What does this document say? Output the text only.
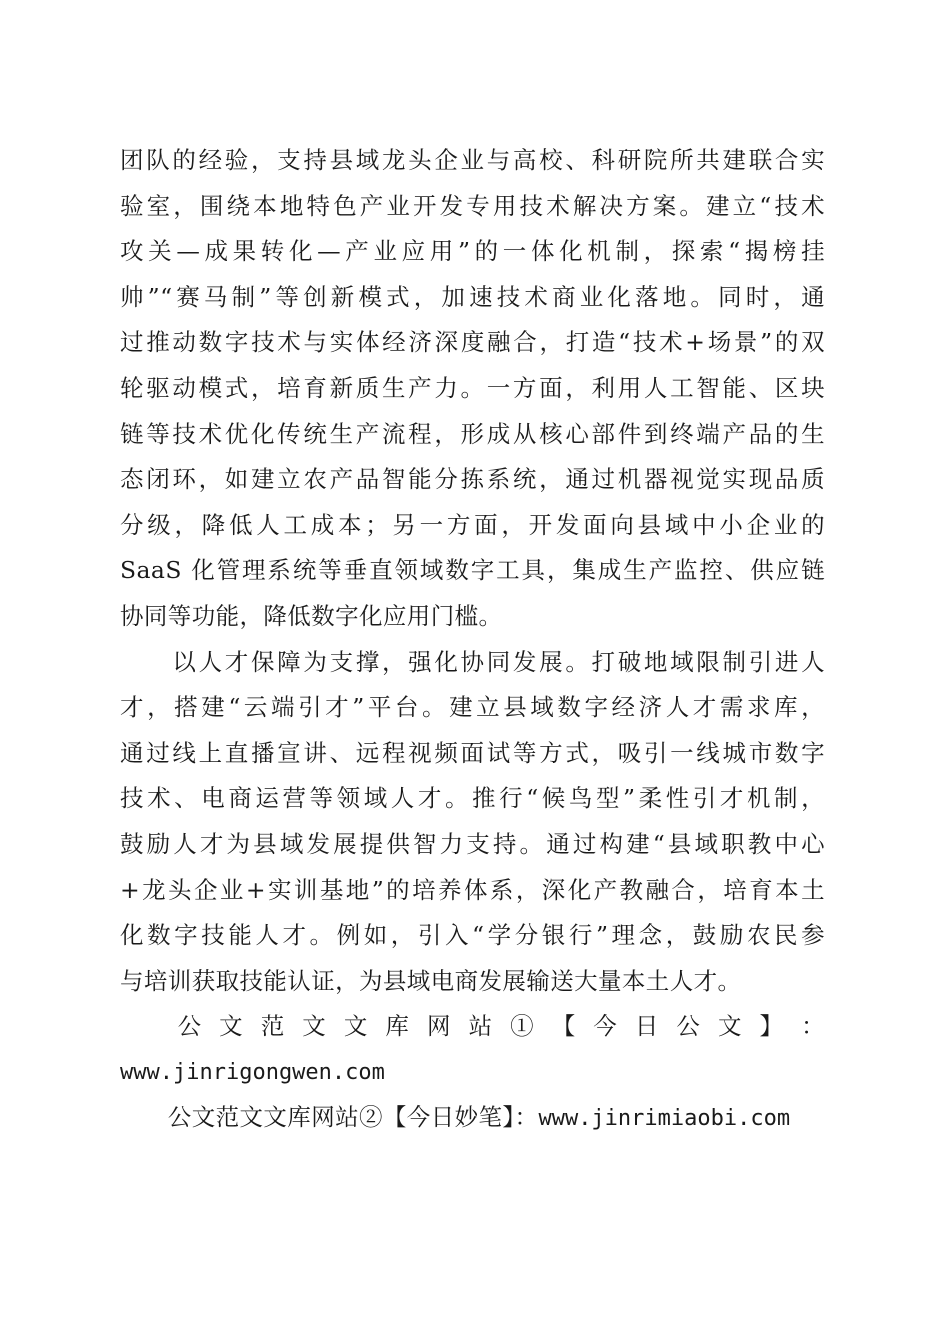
团队的经验，支持县域龙头企业与高校、科研院所共建联合实
验室，围绕本地特色产业开发专用技术解决方案。建立“技术
攻关—成果转化—产业应用”的一体化机制，探索“揭榜挂
帅”“赛马制”等创新模式，加速技术商业化落地。同时，通
过推动数字技术与实体经济深度融合，打造“技术+场景”的双
轮驱动模式，培育新质生产力。一方面，利用人工智能、区块
链等技术优化传统生产流程，形成从核心部件到终端产品的生
态闭环，如建立农产品智能分拣系统，通过机器视觉实现品质
分级，降低人工成本；另一方面，开发面向县域中小企业的
SaaS 化管理系统等垂直领域数字工具，集成生产监控、供应链
协同等功能，降低数字化应用门槛。
　　以人才保障为支撑，强化协同发展。打破地域限制引进人
才，搭建“云端引才”平台。建立县域数字经济人才需求库，
通过线上直播宣讲、远程视频面试等方式，吸引一线城市数字
技术、电商运营等领域人才。推行“候鸟型”柔性引才机制，
鼓励人才为县域发展提供智力支持。通过构建“县域职教中心
+龙头企业+实训基地”的培养体系，深化产教融合，培育本土
化数字技能人才。例如，引入“学分银行”理念，鼓励农民参
与培训获取技能认证，为县域电商发展输送大量本土人才。
　　公 文 范 文 文 库 网 站 ① 【 今 日 公 文 】 ：
www.jinrigongwen.com
　　公文范文文库网站②【今日妙笔】：www.jinrimiaobi.com
